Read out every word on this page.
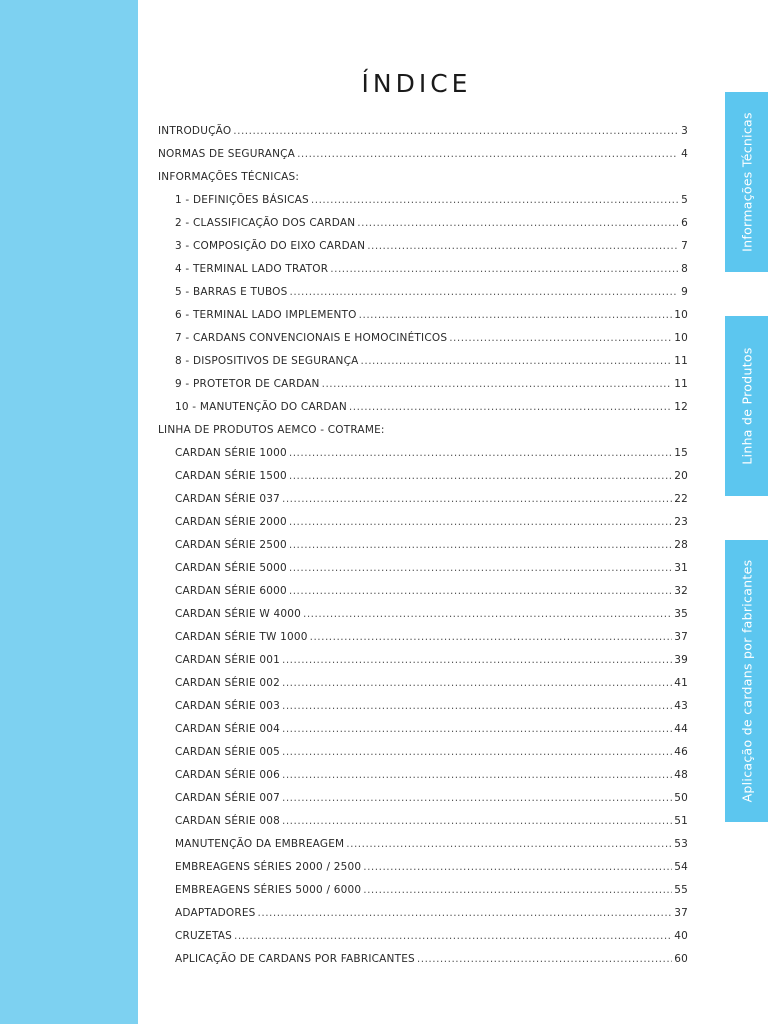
ÍNDICE
INTRODUÇÃO .....	3
NORMAS DE SEGURANÇA .....	4
INFORMAÇÕES TÉCNICAS:
1 - DEFINIÇÕES BÁSICAS .....	5
2 - CLASSIFICAÇÃO DOS CARDAN .....	6
3 - COMPOSIÇÃO DO EIXO CARDAN .....	7
4 - TERMINAL LADO TRATOR .....	8
5 - BARRAS E TUBOS .....	9
6 - TERMINAL LADO IMPLEMENTO .....	10
7 - CARDANS CONVENCIONAIS E HOMOCINÉTICOS .....	10
8 - DISPOSITIVOS DE SEGURANÇA .....	11
9 - PROTETOR DE CARDAN .....	11
10 - MANUTENÇÃO DO CARDAN .....	12
LINHA DE PRODUTOS AEMCO - COTRAME:
CARDAN SÉRIE 1000 .....	15
CARDAN SÉRIE 1500 .....	20
CARDAN SÉRIE 037 .....	22
CARDAN SÉRIE 2000 .....	23
CARDAN SÉRIE 2500 .....	28
CARDAN SÉRIE 5000 .....	31
CARDAN SÉRIE 6000 .....	32
CARDAN SÉRIE W 4000 .....	35
CARDAN SÉRIE TW 1000 .....	37
CARDAN SÉRIE 001 .....	39
CARDAN SÉRIE 002 .....	41
CARDAN SÉRIE 003 .....	43
CARDAN SÉRIE 004 .....	44
CARDAN SÉRIE 005 .....	46
CARDAN SÉRIE 006 .....	48
CARDAN SÉRIE 007 .....	50
CARDAN SÉRIE 008 .....	51
MANUTENÇÃO DA EMBREAGEM .....	53
EMBREAGENS SÉRIES 2000 / 2500 .....	54
EMBREAGENS SÉRIES 5000 / 6000 .....	55
ADAPTADORES .....	37
CRUZETAS .....	40
APLICAÇÃO DE CARDANS POR FABRICANTES .....	60
Informações Técnicas
Linha de Produtos
Aplicação de cardans por fabricantes
